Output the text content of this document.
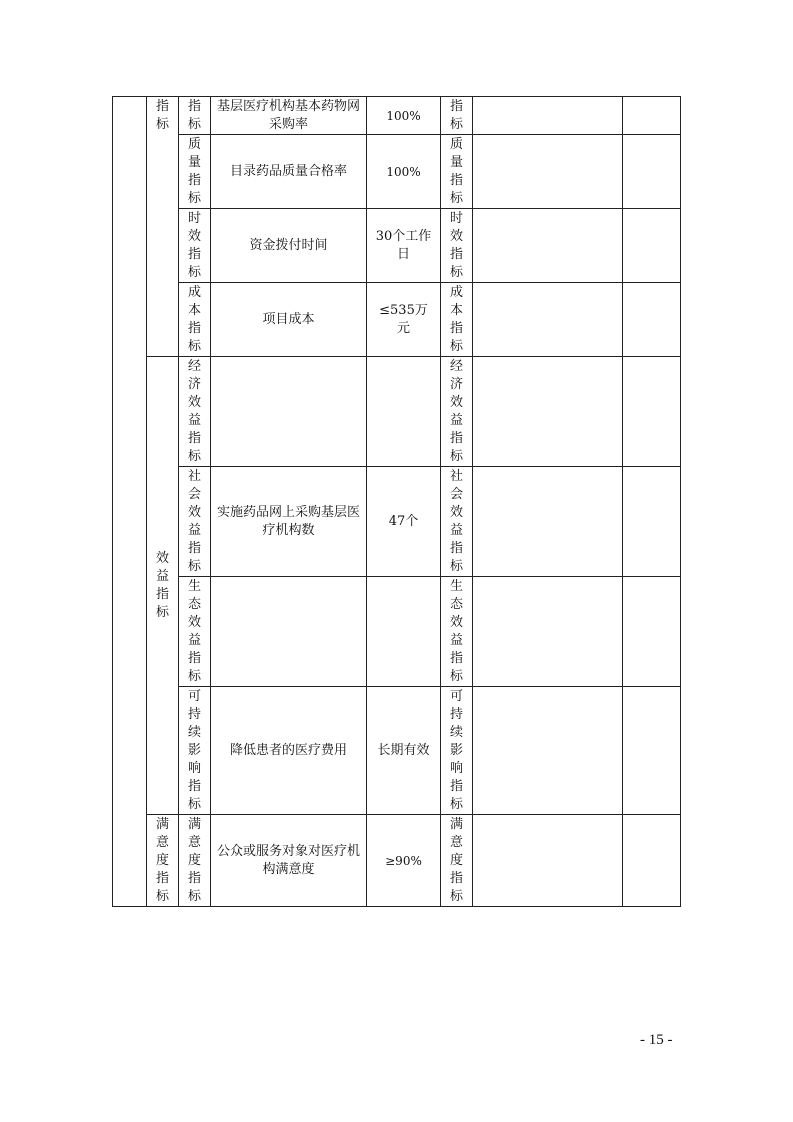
	指标	指标	基层医疗机构基本药物网采购率	100%	指标		

		质量指标	目录药品质量合格率	100%	质量指标		

		时效指标	资金拨付时间	30个工作日	时效指标		

		成本指标	项目成本	≤535万元	成本指标		

	效益指标	经济效益指标			经济效益指标		

		社会效益指标	实施药品网上采购基层医疗机构数	47个	社会效益指标		

		生态效益指标			生态效益指标		

		可持续影响指标	降低患者的医疗费用	长期有效	可持续影响指标		

	满意度指标	满意度指标	公众或服务对象对医疗机构满意度	≥90%	满意度指标		

- 15 -
